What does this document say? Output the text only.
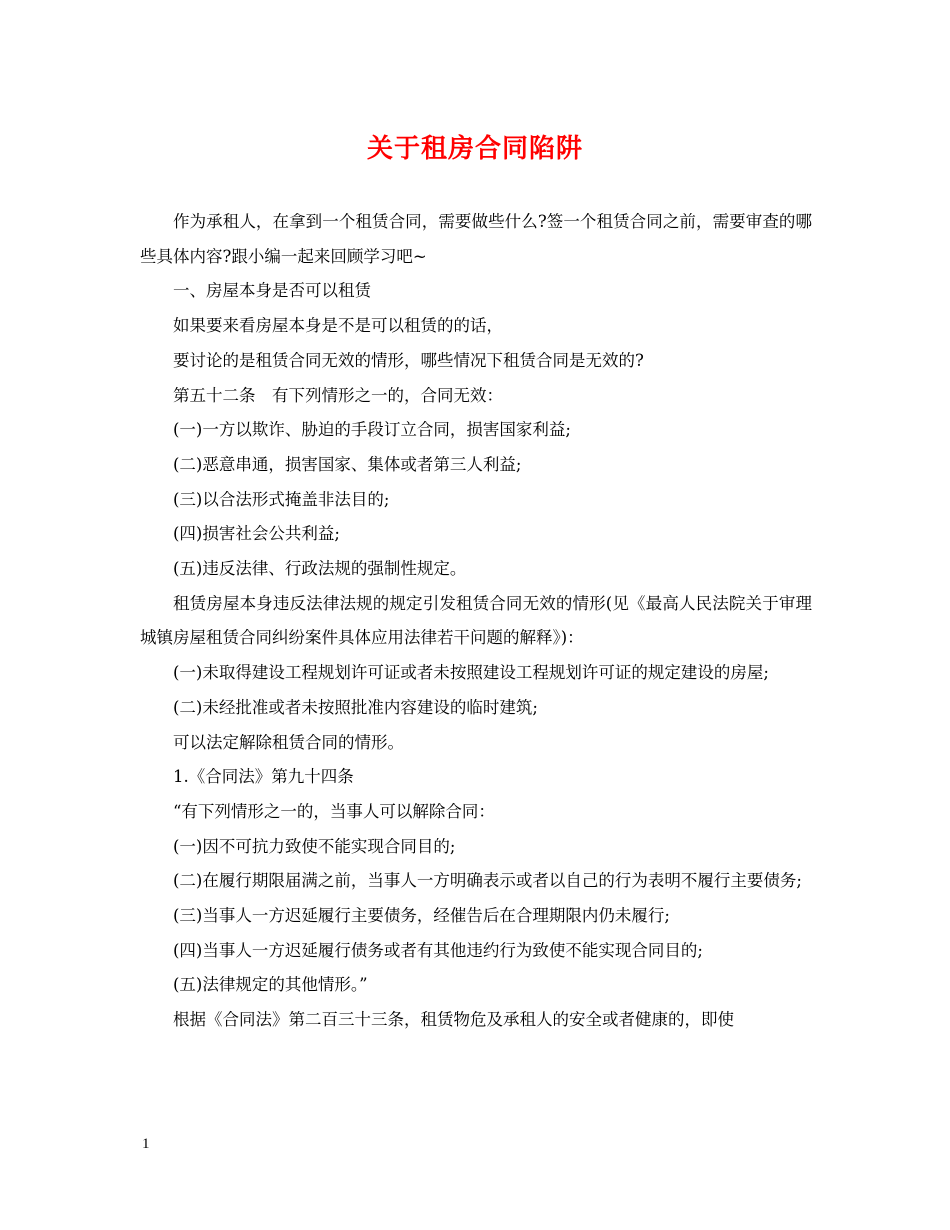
关于租房合同陷阱

作为承租人，在拿到一个租赁合同，需要做些什么?签一个租赁合同之前，需要审查的哪些具体内容?跟小编一起来回顾学习吧~

一、房屋本身是否可以租赁

如果要来看房屋本身是不是可以租赁的的话，

要讨论的是租赁合同无效的情形，哪些情况下租赁合同是无效的?

第五十二条　有下列情形之一的，合同无效：

(一)一方以欺诈、胁迫的手段订立合同，损害国家利益;

(二)恶意串通，损害国家、集体或者第三人利益;

(三)以合法形式掩盖非法目的;

(四)损害社会公共利益;

(五)违反法律、行政法规的强制性规定。

租赁房屋本身违反法律法规的规定引发租赁合同无效的情形(见《最高人民法院关于审理城镇房屋租赁合同纠纷案件具体应用法律若干问题的解释》)：

(一)未取得建设工程规划许可证或者未按照建设工程规划许可证的规定建设的房屋;

(二)未经批准或者未按照批准内容建设的临时建筑;

可以法定解除租赁合同的情形。

1.《合同法》第九十四条

“有下列情形之一的，当事人可以解除合同：

(一)因不可抗力致使不能实现合同目的;

(二)在履行期限届满之前，当事人一方明确表示或者以自己的行为表明不履行主要债务;

(三)当事人一方迟延履行主要债务，经催告后在合理期限内仍未履行;

(四)当事人一方迟延履行债务或者有其他违约行为致使不能实现合同目的;

(五)法律规定的其他情形。”

根据《合同法》第二百三十三条，租赁物危及承租人的安全或者健康的，即使

1
